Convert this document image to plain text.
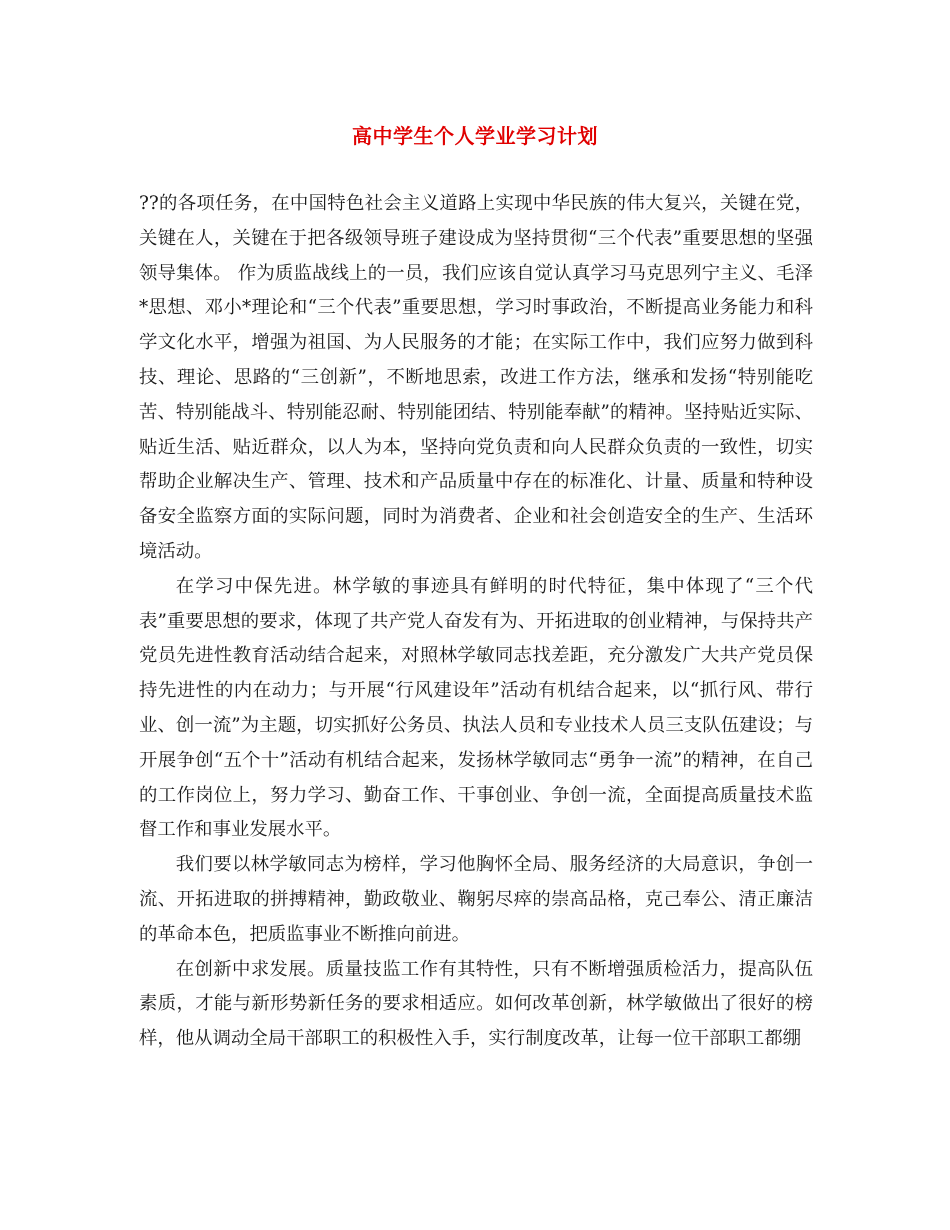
高中学生个人学业学习计划

??的各项任务，在中国特色社会主义道路上实现中华民族的伟大复兴，关键在党，关键在人，关键在于把各级领导班子建设成为坚持贯彻“三个代表”重要思想的坚强领导集体。 作为质监战线上的一员，我们应该自觉认真学习马克思列宁主义、毛泽*思想、邓小*理论和“三个代表”重要思想，学习时事政治，不断提高业务能力和科学文化水平，增强为祖国、为人民服务的才能；在实际工作中，我们应努力做到科技、理论、思路的“三创新”，不断地思索，改进工作方法，继承和发扬“特别能吃苦、特别能战斗、特别能忍耐、特别能团结、特别能奉献”的精神。坚持贴近实际、贴近生活、贴近群众，以人为本，坚持向党负责和向人民群众负责的一致性，切实帮助企业解决生产、管理、技术和产品质量中存在的标准化、计量、质量和特种设备安全监察方面的实际问题，同时为消费者、企业和社会创造安全的生产、生活环境活动。

在学习中保先进。林学敏的事迹具有鲜明的时代特征，集中体现了“三个代表”重要思想的要求，体现了共产党人奋发有为、开拓进取的创业精神，与保持共产党员先进性教育活动结合起来，对照林学敏同志找差距，充分激发广大共产党员保持先进性的内在动力；与开展“行风建设年”活动有机结合起来，以“抓行风、带行业、创一流”为主题，切实抓好公务员、执法人员和专业技术人员三支队伍建设；与开展争创“五个十”活动有机结合起来，发扬林学敏同志“勇争一流”的精神，在自己的工作岗位上，努力学习、勤奋工作、干事创业、争创一流，全面提高质量技术监督工作和事业发展水平。

我们要以林学敏同志为榜样，学习他胸怀全局、服务经济的大局意识，争创一流、开拓进取的拼搏精神，勤政敬业、鞠躬尽瘁的崇高品格，克己奉公、清正廉洁的革命本色，把质监事业不断推向前进。

在创新中求发展。质量技监工作有其特性，只有不断增强质检活力，提高队伍素质，才能与新形势新任务的要求相适应。如何改革创新，林学敏做出了很好的榜样，他从调动全局干部职工的积极性入手，实行制度改革，让每一位干部职工都绷
